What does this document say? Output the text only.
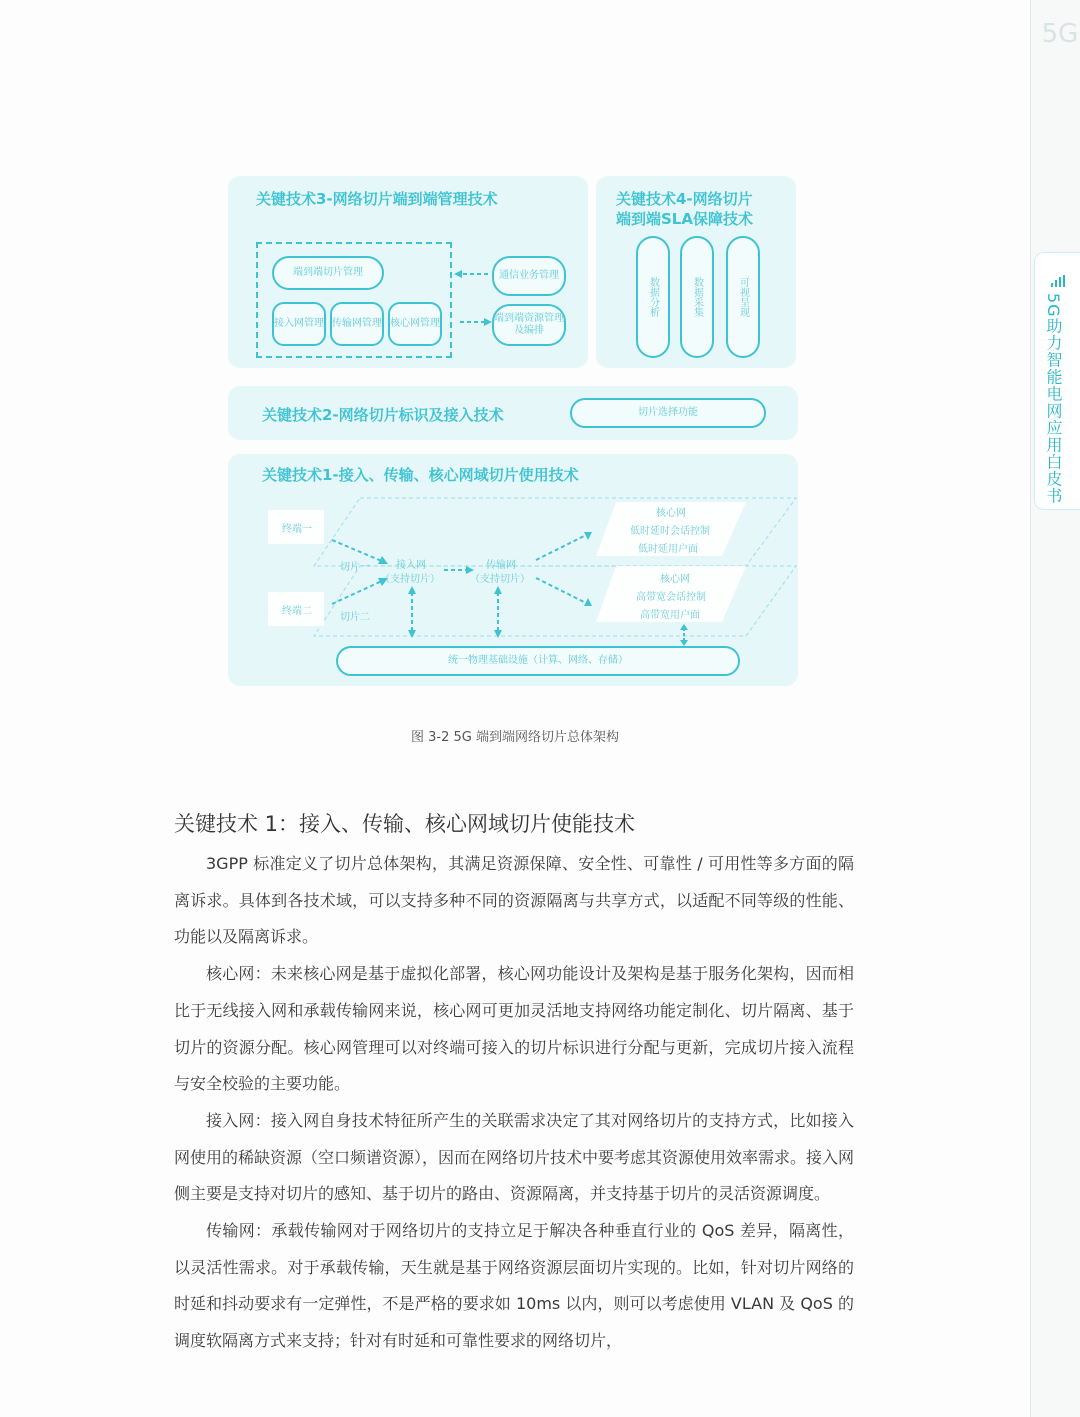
5G
5G助力智能电网应用白皮书
关键技术3-网络切片端到端管理技术
端到端切片管理
接入网管理 传输网管理 核心网管理
通信业务管理
端到端资源管理及编排
关键技术4-网络切片
端到端SLA保障技术
数据分析	数据采集	可视呈现
关键技术2-网络切片标识及接入技术	切片选择功能
关键技术1-接入、传输、核心网域切片使用技术
终端一
终端二
切片一
切片二
接入网
（支持切片）
传输网
（支持切片）
核心网
低时延时会话控制
低时延用户面
核心网
高带宽会话控制
高带宽用户面
统一物理基础设施（计算、网络、存储）
图 3-2 5G 端到端网络切片总体架构
关键技术 1：接入、传输、核心网域切片使能技术

3GPP 标准定义了切片总体架构，其满足资源保障、安全性、可靠性 / 可用性等多方面的隔离诉求。具体到各技术域，可以支持多种不同的资源隔离与共享方式，以适配不同等级的性能、功能以及隔离诉求。

核心网：未来核心网是基于虚拟化部署，核心网功能设计及架构是基于服务化架构，因而相比于无线接入网和承载传输网来说，核心网可更加灵活地支持网络功能定制化、切片隔离、基于切片的资源分配。核心网管理可以对终端可接入的切片标识进行分配与更新，完成切片接入流程与安全校验的主要功能。

接入网：接入网自身技术特征所产生的关联需求决定了其对网络切片的支持方式，比如接入网使用的稀缺资源（空口频谱资源），因而在网络切片技术中要考虑其资源使用效率需求。接入网侧主要是支持对切片的感知、基于切片的路由、资源隔离，并支持基于切片的灵活资源调度。

传输网：承载传输网对于网络切片的支持立足于解决各种垂直行业的 QoS 差异，隔离性，以灵活性需求。对于承载传输，天生就是基于网络资源层面切片实现的。比如，针对切片网络的时延和抖动要求有一定弹性，不是严格的要求如 10ms 以内，则可以考虑使用 VLAN 及 QoS 的调度软隔离方式来支持；针对有时延和可靠性要求的网络切片，
